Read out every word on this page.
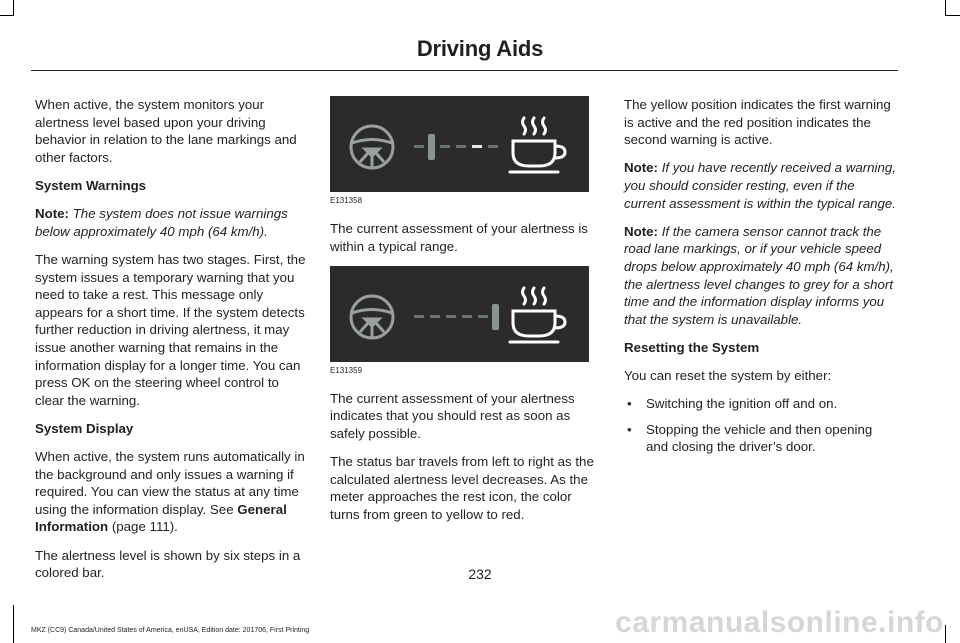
Driving Aids

When active, the system monitors your alertness level based upon your driving behavior in relation to the lane markings and other factors.

System Warnings

Note: The system does not issue warnings below approximately 40 mph (64 km/h).

The warning system has two stages. First, the system issues a temporary warning that you need to take a rest. This message only appears for a short time. If the system detects further reduction in driving alertness, it may issue another warning that remains in the information display for a longer time. You can press OK on the steering wheel control to clear the warning.

System Display

When active, the system runs automatically in the background and only issues a warning if required. You can view the status at any time using the information display. See General Information (page 111).

The alertness level is shown by six steps in a colored bar.

E131358

The current assessment of your alertness is within a typical range.

E131359

The current assessment of your alertness indicates that you should rest as soon as safely possible.

The status bar travels from left to right as the calculated alertness level decreases. As the meter approaches the rest icon, the color turns from green to yellow to red.

The yellow position indicates the first warning is active and the red position indicates the second warning is active.

Note: If you have recently received a warning, you should consider resting, even if the current assessment is within the typical range.

Note: If the camera sensor cannot track the road lane markings, or if your vehicle speed drops below approximately 40 mph (64 km/h), the alertness level changes to grey for a short time and the information display informs you that the system is unavailable.

Resetting the System

You can reset the system by either:

• Switching the ignition off and on.
• Stopping the vehicle and then opening and closing the driver’s door.
232
MKZ (CC9) Canada/United States of America, enUSA, Edition date: 201706, First Printing	carmanualsonline.info
